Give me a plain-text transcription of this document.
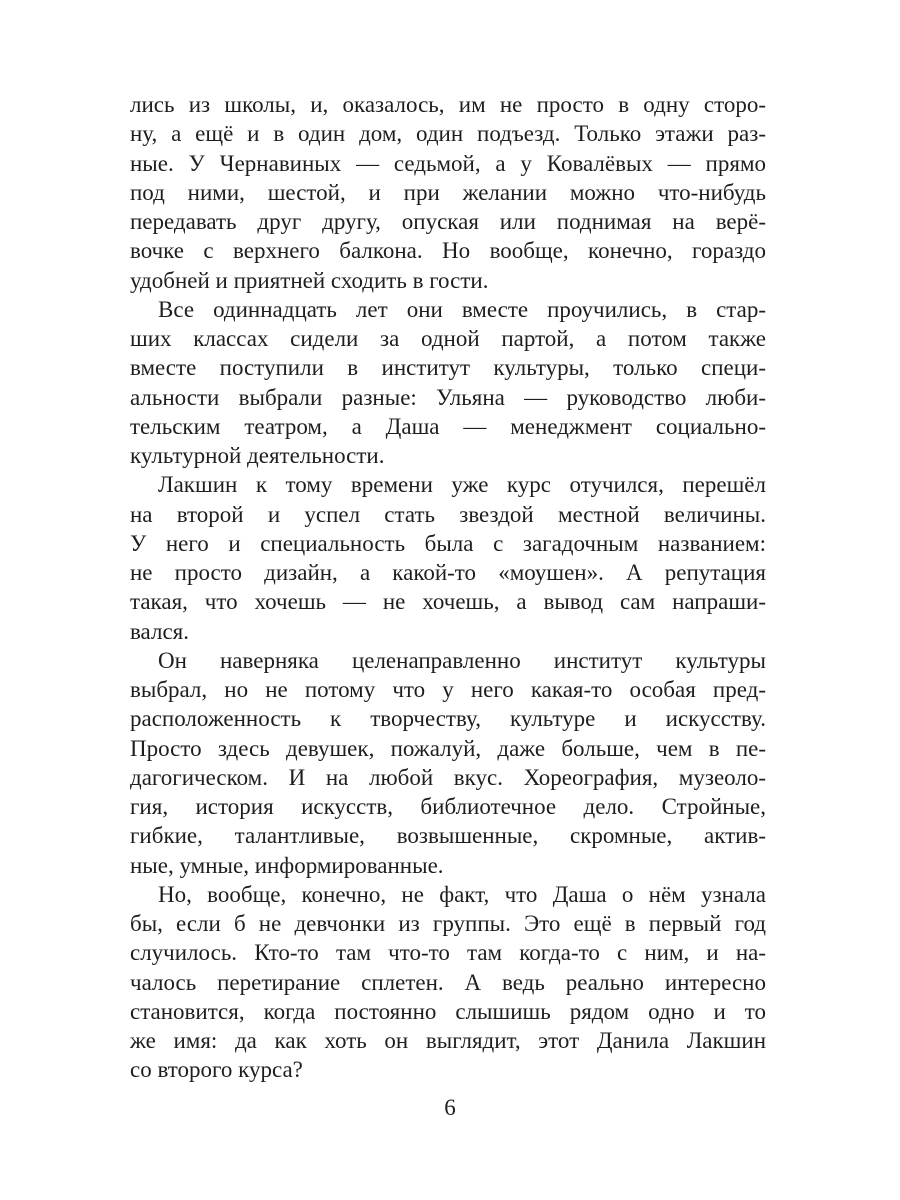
лись из школы, и, оказалось, им не просто в одну сторо-
ну, а ещё и в один дом, один подъезд. Только этажи раз-
ные. У Чернавиных — седьмой, а у Ковалёвых — прямо
под ними, шестой, и при желании можно что-нибудь
передавать друг другу, опуская или поднимая на верё-
вочке с верхнего балкона. Но вообще, конечно, гораздо
удобней и приятней сходить в гости.
Все одиннадцать лет они вместе проучились, в стар-
ших классах сидели за одной партой, а потом также
вместе поступили в институт культуры, только специ-
альности выбрали разные: Ульяна — руководство люби-
тельским театром, а Даша — менеджмент социально-
культурной деятельности.
Лакшин к тому времени уже курс отучился, перешёл
на второй и успел стать звездой местной величины.
У него и специальность была с загадочным названием:
не просто дизайн, а какой-то «моушен». А репутация
такая, что хочешь — не хочешь, а вывод сам напраши-
вался.
Он наверняка целенаправленно институт культуры
выбрал, но не потому что у него какая-то особая пред-
расположенность к творчеству, культуре и искусству.
Просто здесь девушек, пожалуй, даже больше, чем в пе-
дагогическом. И на любой вкус. Хореография, музеоло-
гия, история искусств, библиотечное дело. Стройные,
гибкие, талантливые, возвышенные, скромные, актив-
ные, умные, информированные.
Но, вообще, конечно, не факт, что Даша о нём узнала
бы, если б не девчонки из группы. Это ещё в первый год
случилось. Кто-то там что-то там когда-то с ним, и на-
чалось перетирание сплетен. А ведь реально интересно
становится, когда постоянно слышишь рядом одно и то
же имя: да как хоть он выглядит, этот Данила Лакшин
со второго курса?
6
